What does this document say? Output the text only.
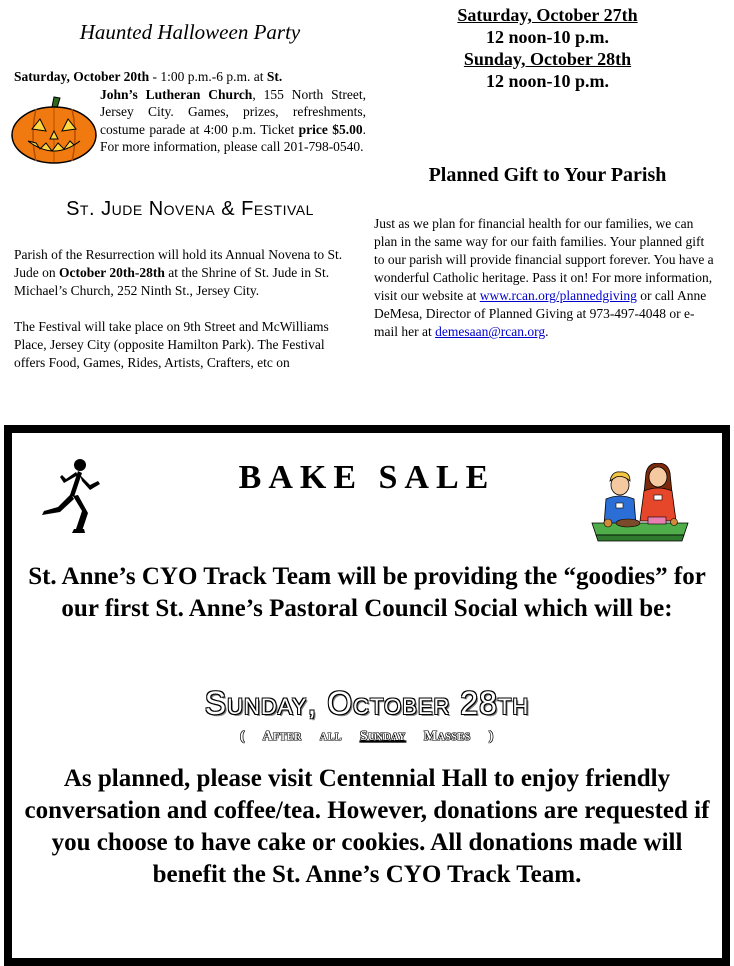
Haunted Halloween Party
Saturday, October 20th - 1:00 p.m.-6 p.m. at St.
John’s Lutheran Church, 155 North Street, Jersey City. Games, prizes, refreshments, costume parade at 4:00 p.m. Ticket price $5.00. For more information, please call 201-798-0540.
St. Jude Novena & Festival

Parish of the Resurrection will hold its Annual Novena to St. Jude on October 20th-28th at the Shrine of St. Jude in St. Michael’s Church, 252 Ninth St., Jersey City.

The Festival will take place on 9th Street and McWilliams Place, Jersey City (opposite Hamilton Park). The Festival offers Food, Games, Rides, Artists, Crafters, etc on

Saturday, October 27th
12 noon-10 p.m.
Sunday, October 28th
12 noon-10 p.m.
Planned Gift to Your Parish

Just as we plan for financial health for our families, we can plan in the same way for our faith families. Your planned gift to our parish will provide financial support forever. You have a wonderful Catholic heritage. Pass it on! For more information, visit our website at www.rcan.org/plannedgiving or call Anne DeMesa, Director of Planned Giving at 973-497-4048 or e-mail her at demesaan@rcan.org.

BAKE SALE
St. Anne’s CYO Track Team will be providing the “goodies” for our first St. Anne’s Pastoral Council Social which will be:
Sunday, October 28th
( After all Sunday Masses )
As planned, please visit Centennial Hall to enjoy friendly conversation and coffee/tea. However, donations are requested if you choose to have cake or cookies. All donations made will benefit the St. Anne’s CYO Track Team.
